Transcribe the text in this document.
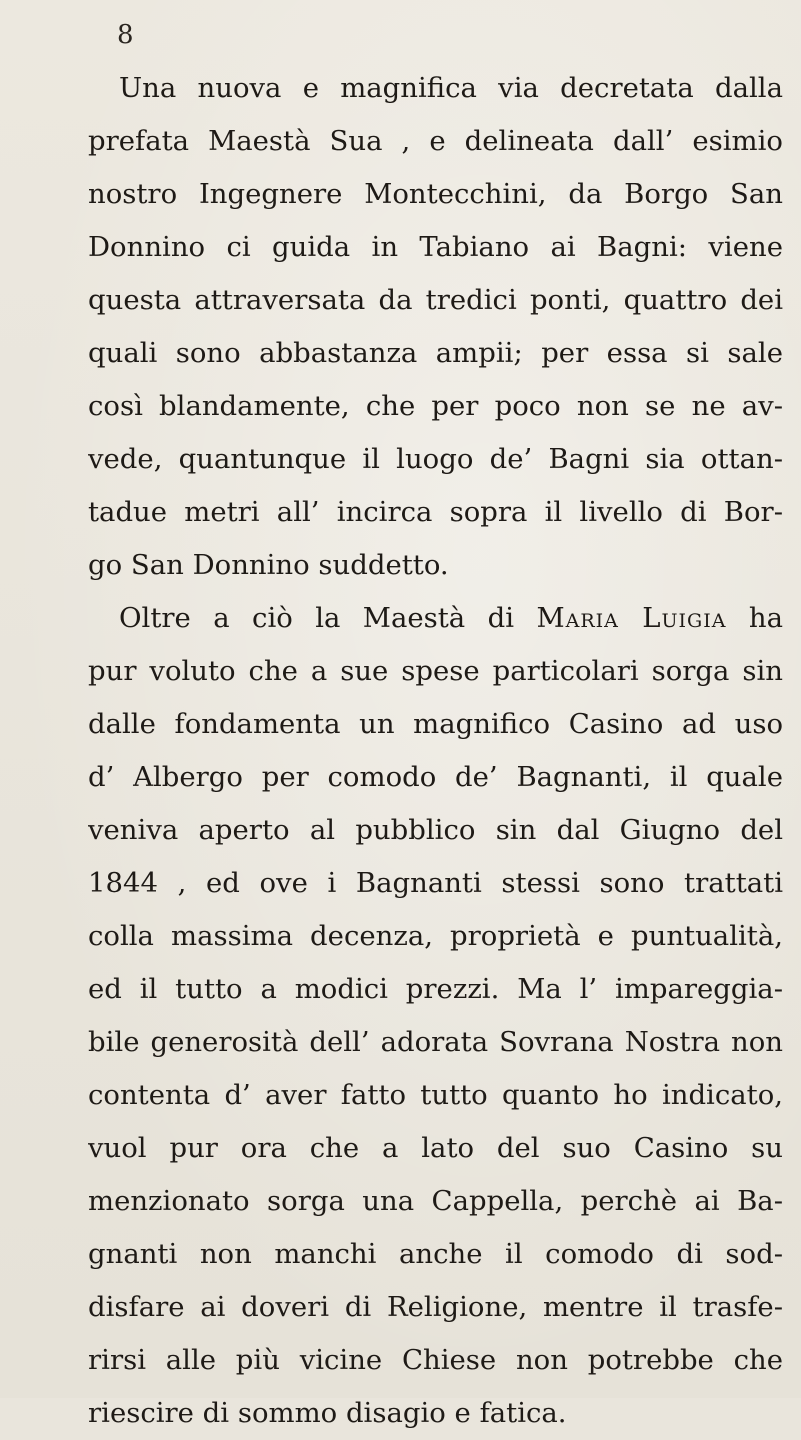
8
Una nuova e magnifica via decretata dalla
prefata Maestà Sua , e delineata dall’ esimio
nostro Ingegnere Montecchini, da Borgo San
Donnino ci guida in Tabiano ai Bagni: viene
questa attraversata da tredici ponti, quattro dei
quali sono abbastanza ampii; per essa si sale
così blandamente, che per poco non se ne av-
vede, quantunque il luogo de’ Bagni sia ottan-
tadue metri all’ incirca sopra il livello di Bor-
go San Donnino suddetto.
Oltre a ciò la Maestà di Maria Luigia ha
pur voluto che a sue spese particolari sorga sin
dalle fondamenta un magnifico Casino ad uso
d’ Albergo per comodo de’ Bagnanti, il quale
veniva aperto al pubblico sin dal Giugno del
1844 , ed ove i Bagnanti stessi sono trattati
colla massima decenza, proprietà e puntualità,
ed il tutto a modici prezzi. Ma l’ impareggia-
bile generosità dell’ adorata Sovrana Nostra non
contenta d’ aver fatto tutto quanto ho indicato,
vuol pur ora che a lato del suo Casino su
menzionato sorga una Cappella, perchè ai Ba-
gnanti non manchi anche il comodo di sod-
disfare ai doveri di Religione, mentre il trasfe-
rirsi alle più vicine Chiese non potrebbe che
riescire di sommo disagio e fatica.
